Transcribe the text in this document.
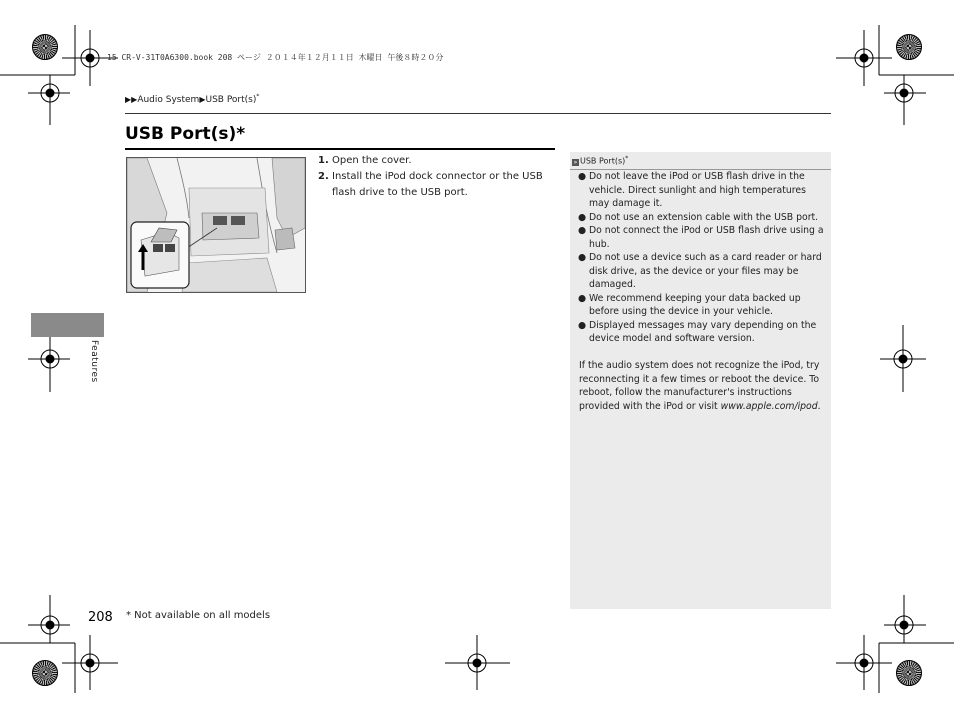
15 CR-V-31T0A6300.book 208 ページ ２０１４年１２月１１日 木曜日 午後８時２０分
▶▶Audio System▶USB Port(s)*
USB Port(s)*
1. Open the cover.
2. Install the iPod dock connector or the USB flash drive to the USB port.
Features
» USB Port(s)*
● Do not leave the iPod or USB flash drive in the vehicle. Direct sunlight and high temperatures may damage it.
● Do not use an extension cable with the USB port.
● Do not connect the iPod or USB flash drive using a hub.
● Do not use a device such as a card reader or hard disk drive, as the device or your files may be damaged.
● We recommend keeping your data backed up before using the device in your vehicle.
● Displayed messages may vary depending on the device model and software version.
If the audio system does not recognize the iPod, try reconnecting it a few times or reboot the device. To reboot, follow the manufacturer's instructions provided with the iPod or visit www.apple.com/ipod.
208 * Not available on all models
